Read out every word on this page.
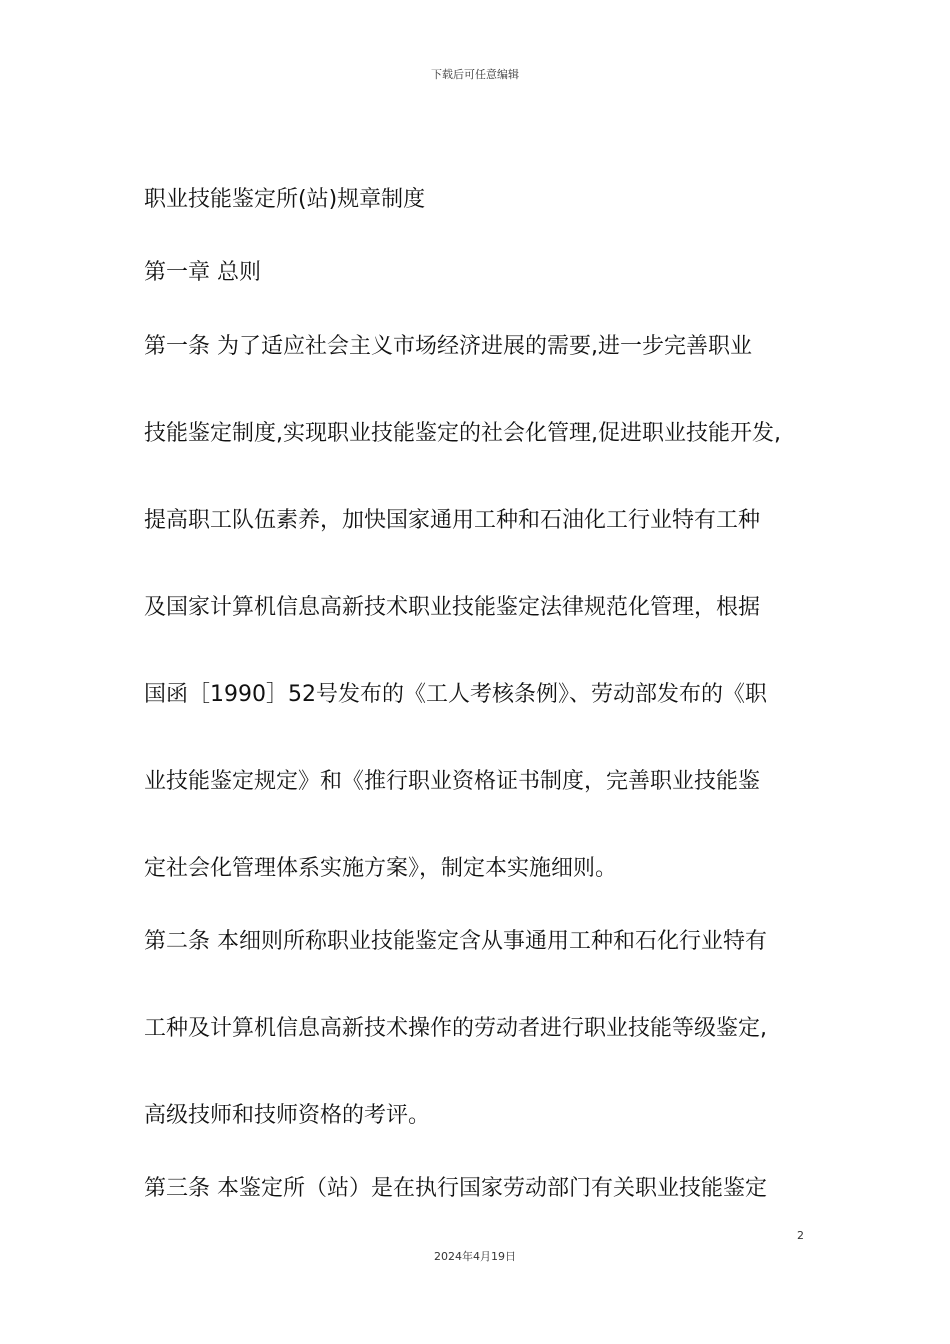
下载后可任意编辑
职业技能鉴定所(站)规章制度
第一章 总则
第一条 为了适应社会主义市场经济进展的需要,进一步完善职业
技能鉴定制度,实现职业技能鉴定的社会化管理,促进职业技能开发,
提高职工队伍素养，加快国家通用工种和石油化工行业特有工种
及国家计算机信息高新技术职业技能鉴定法律规范化管理，根据
国函［1990］52号发布的《工人考核条例》、劳动部发布的《职
业技能鉴定规定》和《推行职业资格证书制度，完善职业技能鉴
定社会化管理体系实施方案》，制定本实施细则。
第二条 本细则所称职业技能鉴定含从事通用工种和石化行业特有
工种及计算机信息高新技术操作的劳动者进行职业技能等级鉴定,
高级技师和技师资格的考评。
第三条 本鉴定所（站）是在执行国家劳动部门有关职业技能鉴定
2
2024年4月19日
